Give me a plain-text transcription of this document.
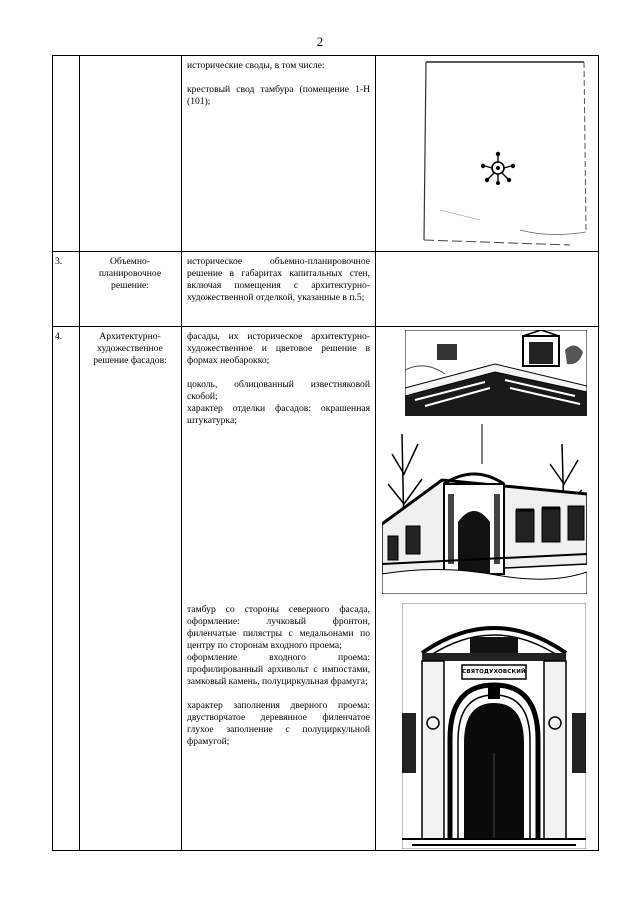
2

исторические своды, в том числе:

крестовый свод тамбура (помещение 1-Н (101);

3.	Объемно-планировочное решение:

историческое объемно-планировочное решение в габаритах капитальных стен, включая помещения с архитектурно-художественной отделкой, указанные в п.5;

4.	Архитектурно-художественное решение фасадов:

фасады, их историческое архитектурно-художественное и цветовое решение в формах необарокко;

цоколь, облицованный известняковой скобой;

характер отделки фасадов: окрашенная штукатурка;

тамбур со стороны северного фасада, оформление: лучковый фронтон, филенчатые пилястры с медальонами по центру по сторонам входного проема;

оформление входного проема: профилированный архивольт с импостами, замковый камень, полуциркульная фрамуга;

характер заполнения дверного проема: двустворчатое деревянное филенчатое глухое заполнение с полуциркульной фрамугой;

СВЯТОДУХОВСКИЙ
